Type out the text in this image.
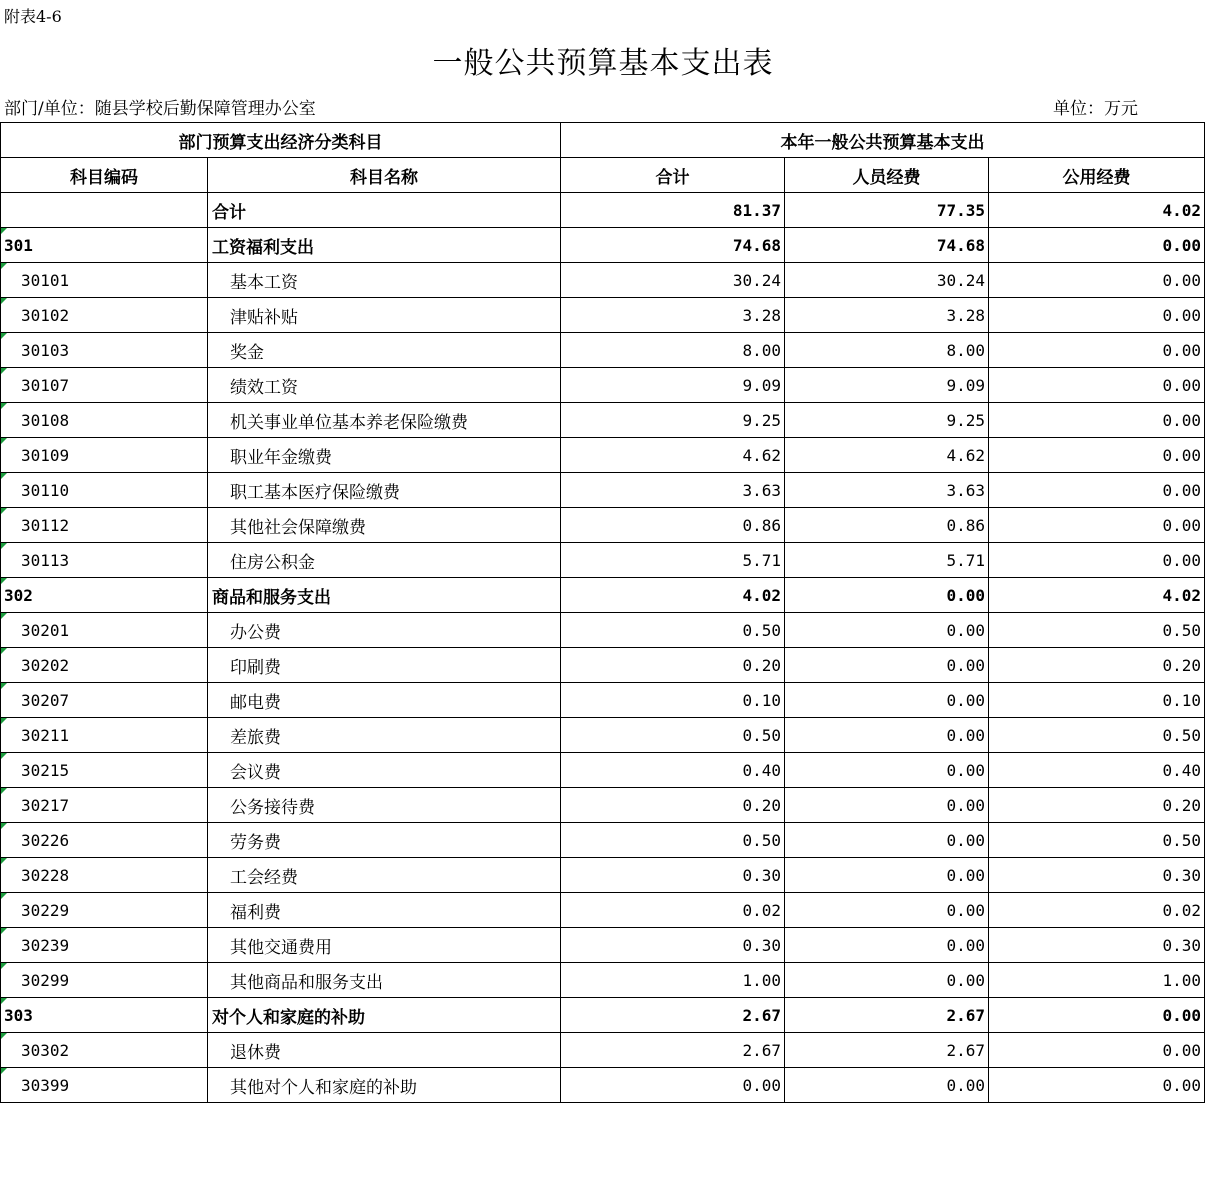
附表4-6
一般公共预算基本支出表
部门/单位：随县学校后勤保障管理办公室	单位：万元
部门预算支出经济分类科目		本年一般公共预算基本支出		
科目编码	科目名称	合计	人员经费	公用经费
	合计	81.37	77.35	4.02
301	工资福利支出	74.68	74.68	0.00
30101	基本工资	30.24	30.24	0.00
30102	津贴补贴	3.28	3.28	0.00
30103	奖金	8.00	8.00	0.00
30107	绩效工资	9.09	9.09	0.00
30108	机关事业单位基本养老保险缴费	9.25	9.25	0.00
30109	职业年金缴费	4.62	4.62	0.00
30110	职工基本医疗保险缴费	3.63	3.63	0.00
30112	其他社会保障缴费	0.86	0.86	0.00
30113	住房公积金	5.71	5.71	0.00
302	商品和服务支出	4.02	0.00	4.02
30201	办公费	0.50	0.00	0.50
30202	印刷费	0.20	0.00	0.20
30207	邮电费	0.10	0.00	0.10
30211	差旅费	0.50	0.00	0.50
30215	会议费	0.40	0.00	0.40
30217	公务接待费	0.20	0.00	0.20
30226	劳务费	0.50	0.00	0.50
30228	工会经费	0.30	0.00	0.30
30229	福利费	0.02	0.00	0.02
30239	其他交通费用	0.30	0.00	0.30
30299	其他商品和服务支出	1.00	0.00	1.00
303	对个人和家庭的补助	2.67	2.67	0.00
30302	退休费	2.67	2.67	0.00
30399	其他对个人和家庭的补助	0.00	0.00	0.00
